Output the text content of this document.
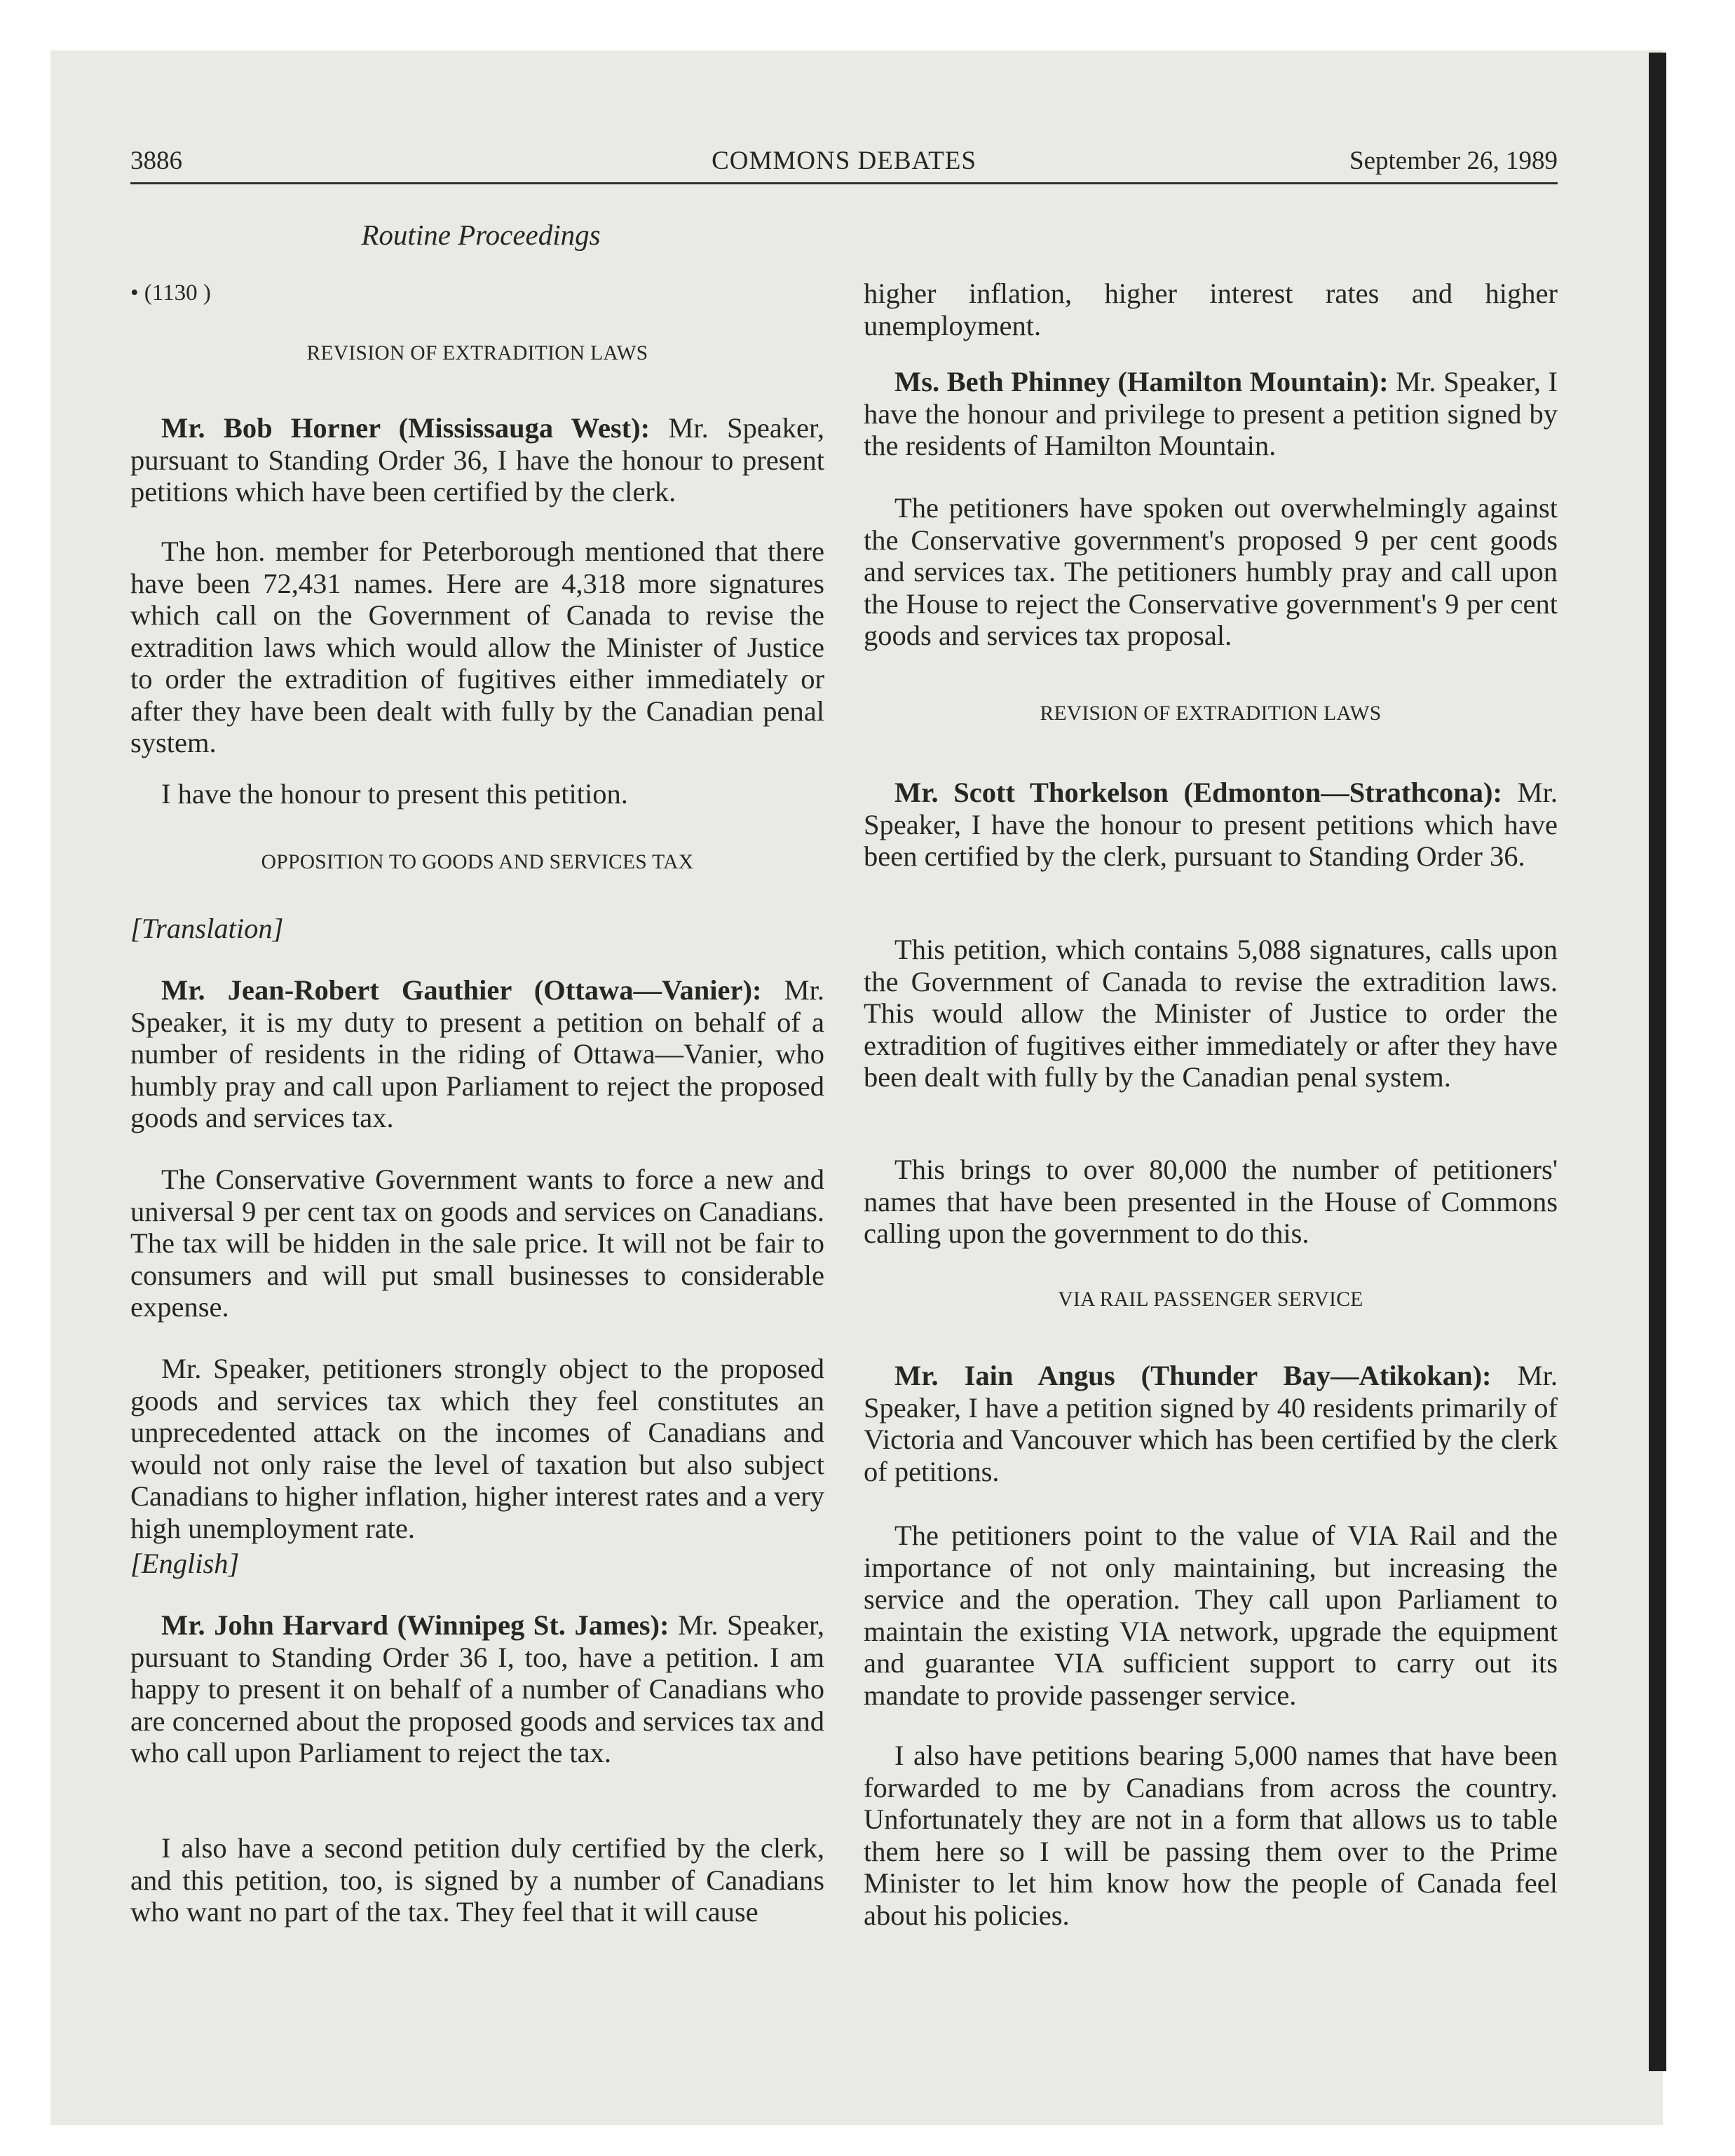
COMMONS DEBATES
3886	September 26, 1989
Routine Proceedings
• (1130 )
REVISION OF EXTRADITION LAWS

Mr. Bob Horner (Mississauga West): Mr. Speaker, pursuant to Standing Order 36, I have the honour to present petitions which have been certified by the clerk.

The hon. member for Peterborough mentioned that there have been 72,431 names. Here are 4,318 more signatures which call on the Government of Canada to revise the extradition laws which would allow the Minister of Justice to order the extradition of fugitives either immediately or after they have been dealt with fully by the Canadian penal system.

I have the honour to present this petition.

OPPOSITION TO GOODS AND SERVICES TAX
[Translation]

Mr. Jean-Robert Gauthier (Ottawa—Vanier): Mr. Speaker, it is my duty to present a petition on behalf of a number of residents in the riding of Ottawa—Vanier, who humbly pray and call upon Parliament to reject the proposed goods and services tax.

The Conservative Government wants to force a new and universal 9 per cent tax on goods and services on Canadians. The tax will be hidden in the sale price. It will not be fair to consumers and will put small businesses to considerable expense.

Mr. Speaker, petitioners strongly object to the proposed goods and services tax which they feel constitutes an unprecedented attack on the incomes of Canadians and would not only raise the level of taxation but also subject Canadians to higher inflation, higher interest rates and a very high unemployment rate.

[English]

Mr. John Harvard (Winnipeg St. James): Mr. Speaker, pursuant to Standing Order 36 I, too, have a petition. I am happy to present it on behalf of a number of Canadians who are concerned about the proposed goods and services tax and who call upon Parliament to reject the tax.

I also have a second petition duly certified by the clerk, and this petition, too, is signed by a number of Canadians who want no part of the tax. They feel that it will cause

higher inflation, higher interest rates and higher unemployment.

Ms. Beth Phinney (Hamilton Mountain): Mr. Speaker, I have the honour and privilege to present a petition signed by the residents of Hamilton Mountain.

The petitioners have spoken out overwhelmingly against the Conservative government's proposed 9 per cent goods and services tax. The petitioners humbly pray and call upon the House to reject the Conservative government's 9 per cent goods and services tax proposal.

REVISION OF EXTRADITION LAWS

Mr. Scott Thorkelson (Edmonton—Strathcona): Mr. Speaker, I have the honour to present petitions which have been certified by the clerk, pursuant to Standing Order 36.

This petition, which contains 5,088 signatures, calls upon the Government of Canada to revise the extradition laws. This would allow the Minister of Justice to order the extradition of fugitives either immediately or after they have been dealt with fully by the Canadian penal system.

This brings to over 80,000 the number of petitioners' names that have been presented in the House of Commons calling upon the government to do this.

VIA RAIL PASSENGER SERVICE

Mr. Iain Angus (Thunder Bay—Atikokan): Mr. Speaker, I have a petition signed by 40 residents primarily of Victoria and Vancouver which has been certified by the clerk of petitions.

The petitioners point to the value of VIA Rail and the importance of not only maintaining, but increasing the service and the operation. They call upon Parliament to maintain the existing VIA network, upgrade the equipment and guarantee VIA sufficient support to carry out its mandate to provide passenger service.

I also have petitions bearing 5,000 names that have been forwarded to me by Canadians from across the country. Unfortunately they are not in a form that allows us to table them here so I will be passing them over to the Prime Minister to let him know how the people of Canada feel about his policies.
